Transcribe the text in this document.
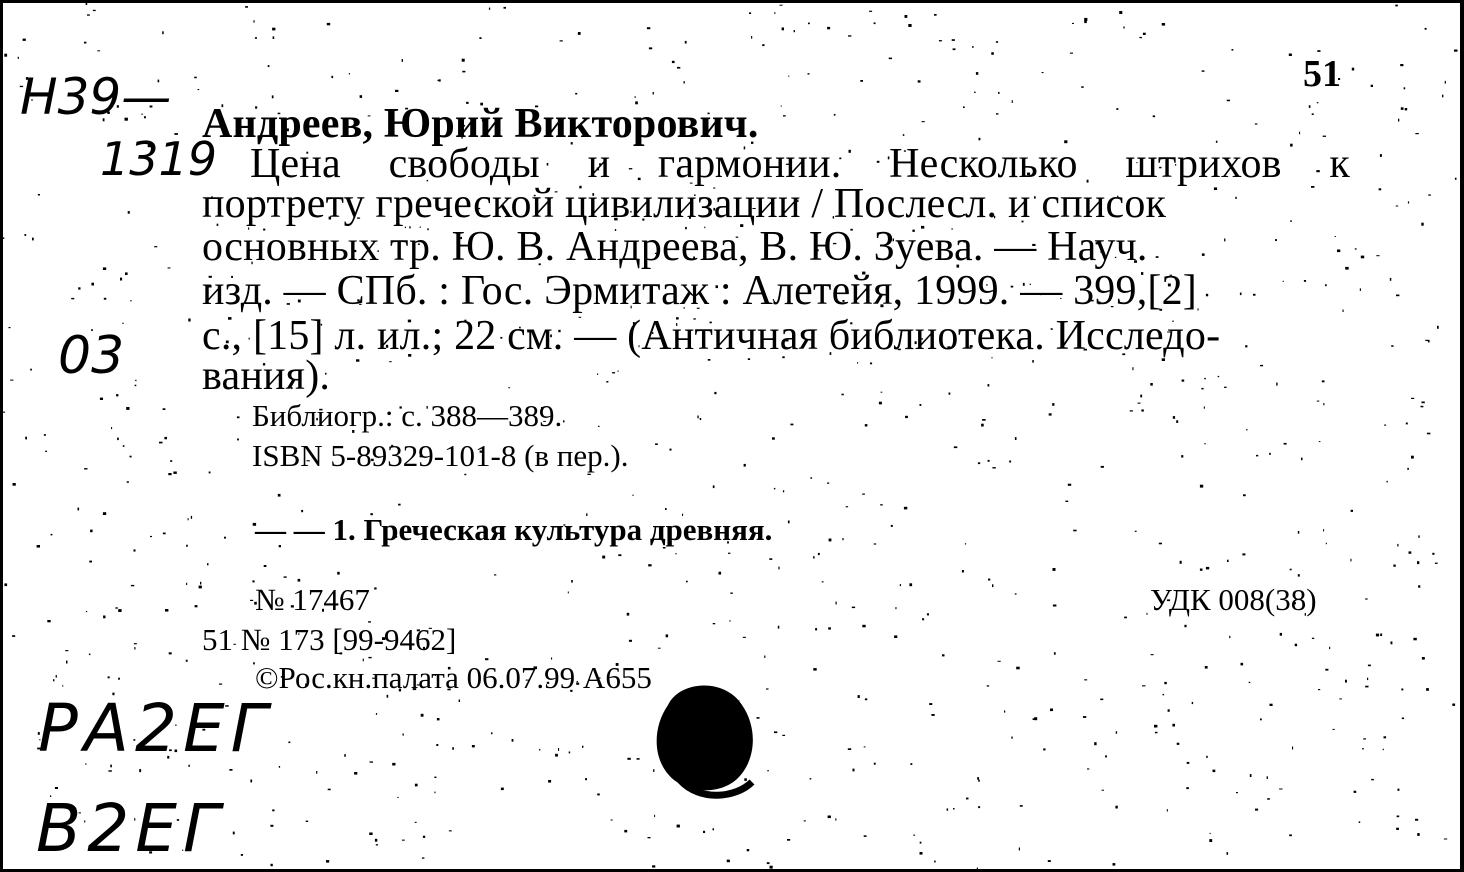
51
Н39—
1319
03
РА2ЕГ
В2ЕГ
Андреев, Юрий Викторович.
Цена свободы и гармонии. Несколько штрихов к
портрету греческой цивилизации / Послесл. и список
основных тр. Ю. В. Андреева, В. Ю. Зуева. — Науч.
изд. — СПб. : Гос. Эрмитаж : Алетейя, 1999. — 399,[2]
с., [15] л. ил.; 22 см. — (Античная библиотека. Исследо-
вания).
Библиогр.: с. 388—389.
ISBN 5-89329-101-8 (в пер.).
— — 1. Греческая культура древняя.
№ 17467	УДК 008(38)
51 № 173 [99-9462]
©Рос.кн.палата 06.07.99 А655
